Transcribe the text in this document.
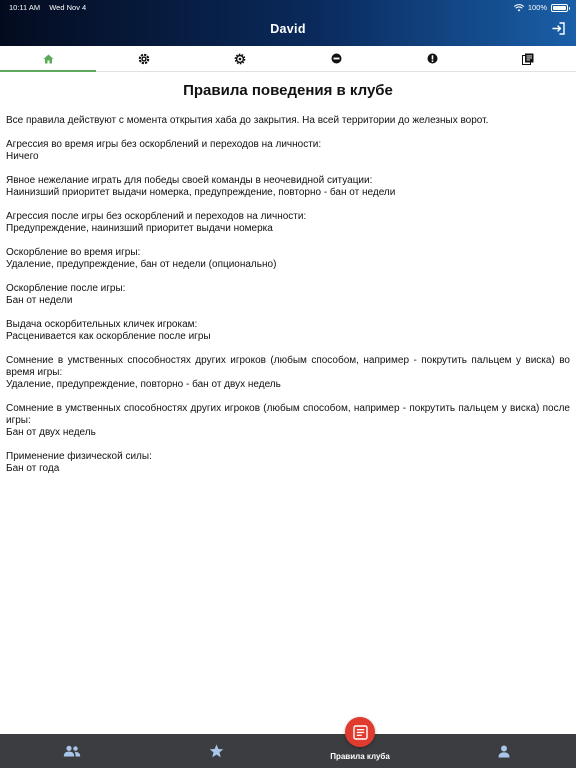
10:11 AM Wed Nov 4	100%
David
Правила поведения в клубе

Все правила действуют с момента открытия хаба до закрытия. На всей территории до железных ворот.

Агрессия во время игры без оскорблений и переходов на личности:
Ничего
Явное нежелание играть для победы своей команды в неочевидной ситуации:
Наинизший приоритет выдачи номерка, предупреждение, повторно - бан от недели
Агрессия после игры без оскорблений и переходов на личности:
Предупреждение, наинизший приоритет выдачи номерка
Оскорбление во время игры:
Удаление, предупреждение, бан от недели (опционально)
Оскорбление после игры:
Бан от недели
Выдача оскорбительных кличек игрокам:
Расценивается как оскорбление после игры
Сомнение в умственных способностях других игроков (любым способом, например - покрутить пальцем у виска) во время игры:
Удаление, предупреждение, повторно - бан от двух недель
Сомнение в умственных способностях других игроков (любым способом, например - покрутить пальцем у виска) после игры:
Бан от двух недель
Применение физической силы:
Бан от года
Правила клуба
